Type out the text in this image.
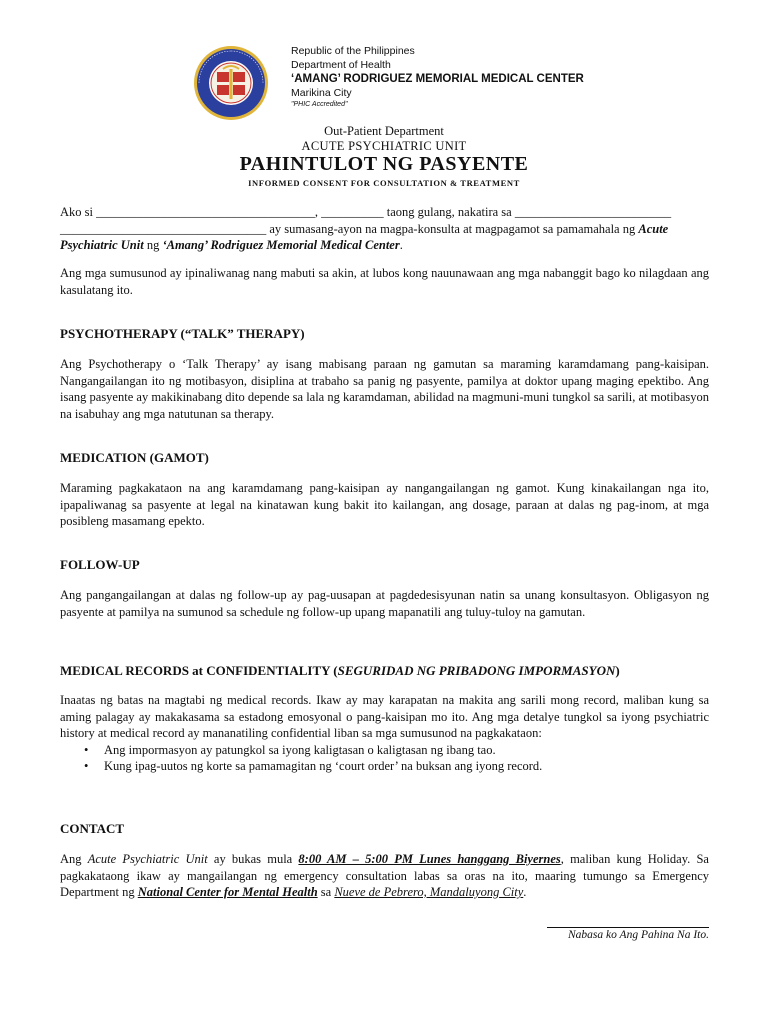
Republic of the Philippines
Department of Health
‘AMANG’ RODRIGUEZ MEMORIAL MEDICAL CENTER
Marikina City
"PHIC Accredited"
Out-Patient Department
ACUTE PSYCHIATRIC UNIT
PAHINTULOT NG PASYENTE
INFORMED CONSENT FOR CONSULTATION & TREATMENT
Ako si ___________________________________, __________ taong gulang, nakatira sa _________________________
_________________________________ ay sumasang-ayon na magpa-konsulta at magpagamot sa pamamahala ng Acute Psychiatric Unit ng ‘Amang’ Rodriguez Memorial Medical Center.
Ang mga sumusunod ay ipinaliwanag nang mabuti sa akin, at lubos kong nauunawaan ang mga nabanggit bago ko nilagdaan ang kasulatang ito.
PSYCHOTHERAPY (“TALK” THERAPY)
Ang Psychotherapy o ‘Talk Therapy’ ay isang mabisang paraan ng gamutan sa maraming karamdamang pang-kaisipan. Nangangailangan ito ng motibasyon, disiplina at trabaho sa panig ng pasyente, pamilya at doktor upang maging epektibo. Ang isang pasyente ay makikinabang dito depende sa lala ng karamdaman, abilidad na magmuni-muni tungkol sa sarili, at motibasyon na isabuhay ang mga natutunan sa therapy.
MEDICATION (GAMOT)
Maraming pagkakataon na ang karamdamang pang-kaisipan ay nangangailangan ng gamot. Kung kinakailangan nga ito, ipapaliwanag sa pasyente at legal na kinatawan kung bakit ito kailangan, ang dosage, paraan at dalas ng pag-inom, at mga posibleng masamang epekto.
FOLLOW-UP
Ang pangangailangan at dalas ng follow-up ay pag-uusapan at pagdedesisyunan natin sa unang konsultasyon. Obligasyon ng pasyente at pamilya na sumunod sa schedule ng follow-up upang mapanatili ang tuluy-tuloy na gamutan.
MEDICAL RECORDS at CONFIDENTIALITY (SEGURIDAD NG PRIBADONG IMPORMASYON)
Inaatas ng batas na magtabi ng medical records. Ikaw ay may karapatan na makita ang sarili mong record, maliban kung sa aming palagay ay makakasama sa estadong emosyonal o pang-kaisipan mo ito. Ang mga detalye tungkol sa iyong psychiatric history at medical record ay mananatiling confidential liban sa mga sumusunod na pagkakataon:
• Ang impormasyon ay patungkol sa iyong kaligtasan o kaligtasan ng ibang tao.
• Kung ipag-uutos ng korte sa pamamagitan ng ‘court order’ na buksan ang iyong record.
CONTACT
Ang Acute Psychiatric Unit ay bukas mula 8:00 AM – 5:00 PM Lunes hanggang Biyernes, maliban kung Holiday. Sa pagkakataong ikaw ay mangailangan ng emergency consultation labas sa oras na ito, maaring tumungo sa Emergency Department ng National Center for Mental Health sa Nueve de Pebrero, Mandaluyong City.
Nabasa ko Ang Pahina Na Ito.
